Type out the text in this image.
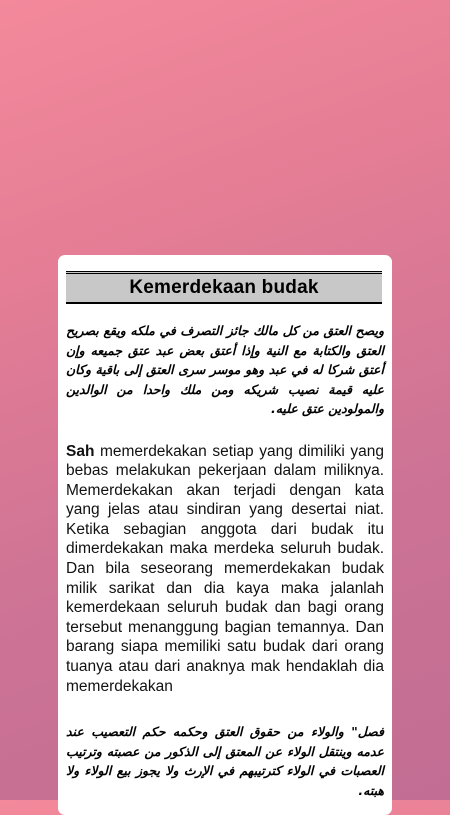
Kemerdekaan budak

ويصح العتق من كل مالك جائز التصرف في ملكه ويقع بصريح العتق والكتابة مع النية وإذا أعتق بعض عبد عتق جميعه وإن أعتق شركا له في عبد وهو موسر سرى العتق إلى باقية وكان عليه قيمة نصيب شريكه ومن ملك واحدا من الوالدين والمولودين عتق عليه.

Sah memerdekakan setiap yang dimiliki yang bebas melakukan pekerjaan dalam miliknya. Memerdekakan akan terjadi dengan kata yang jelas atau sindiran yang desertai niat. Ketika sebagian anggota dari budak itu dimerdekakan maka merdeka seluruh budak. Dan bila seseorang memerdekakan budak milik sarikat dan dia kaya maka jalanlah kemerdekaan seluruh budak dan bagi orang tersebut menanggung bagian temannya. Dan barang siapa memiliki satu budak dari orang tuanya atau dari anaknya mak hendaklah dia memerdekakan

فصل" والولاء من حقوق العتق وحكمه حكم التعصيب عند عدمه وينتقل الولاء عن المعتق إلى الذكور من عصبته وترتيب العصبات في الولاء كترتيبهم في الإرث ولا يجوز بيع الولاء ولا هبته.
